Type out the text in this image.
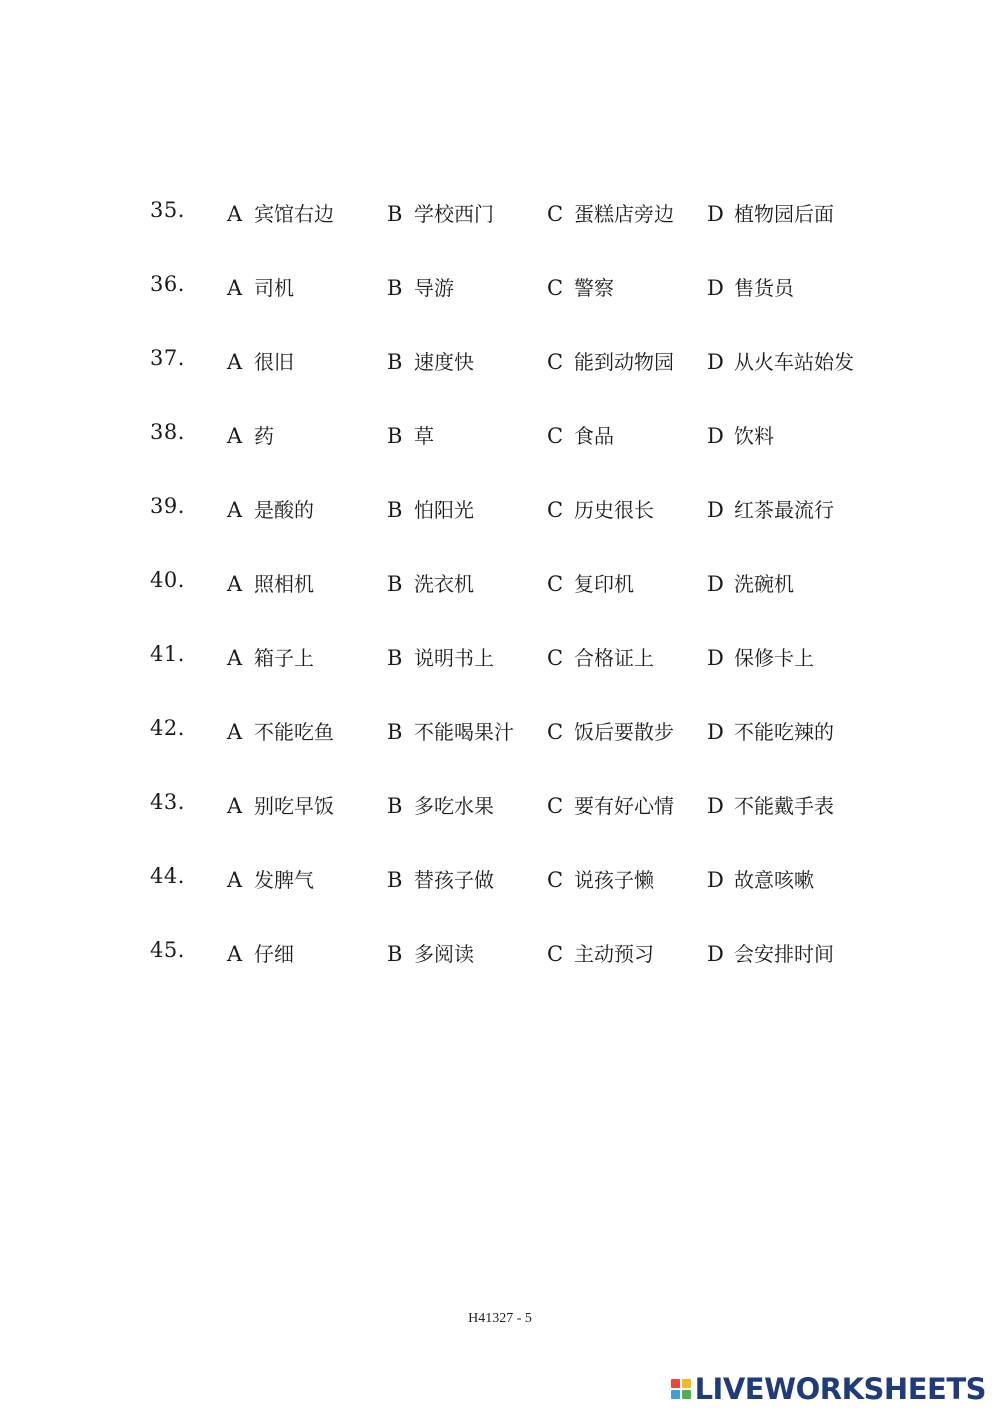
35. A 宾馆右边	B 学校西门	C 蛋糕店旁边 D 植物园后面
36. A 司机	B 导游	C 警察	D 售货员
37. A 很旧	B 速度快	C 能到动物园 D 从火车站始发
38. A 药	B 草	C 食品	D 饮料
39. A 是酸的	B 怕阳光	C 历史很长	D 红茶最流行
40. A 照相机	B 洗衣机	C 复印机	D 洗碗机
41. A 箱子上	B 说明书上	C 合格证上	D 保修卡上
42. A 不能吃鱼	B 不能喝果汁 C 饭后要散步 D 不能吃辣的
43. A 别吃早饭	B 多吃水果	C 要有好心情 D 不能戴手表
44. A 发脾气	B 替孩子做	C 说孩子懒	D 故意咳嗽
45. A 仔细	B 多阅读	C 主动预习	D 会安排时间
H41327 - 5
LIVEWORKSHEETS
